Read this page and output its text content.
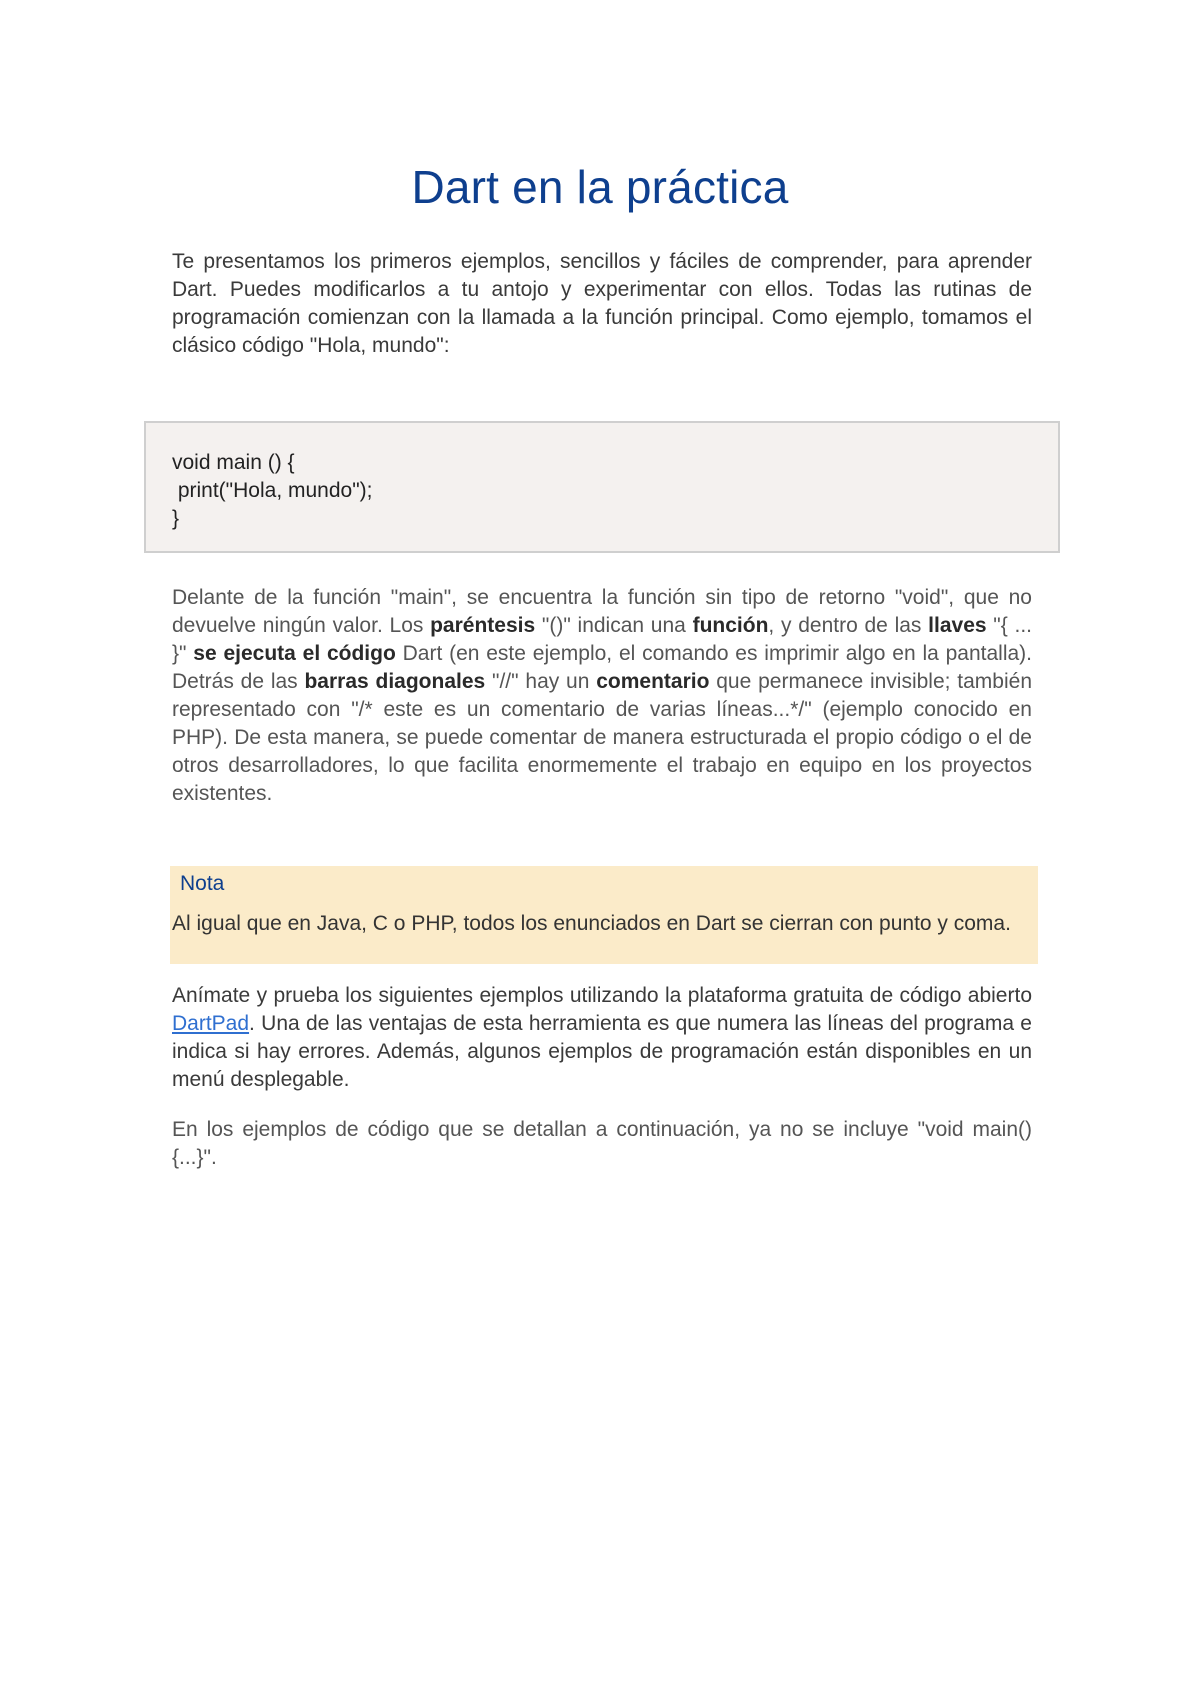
Dart en la práctica
Te presentamos los primeros ejemplos, sencillos y fáciles de comprender, para aprender Dart. Puedes modificarlos a tu antojo y experimentar con ellos. Todas las rutinas de programación comienzan con la llamada a la función principal. Como ejemplo, tomamos el clásico código "Hola, mundo":
void main () {
print("Hola, mundo");
}
Delante de la función "main", se encuentra la función sin tipo de retorno "void", que no devuelve ningún valor. Los paréntesis "()" indican una función, y dentro de las llaves "{ ... }" se ejecuta el código Dart (en este ejemplo, el comando es imprimir algo en la pantalla). Detrás de las barras diagonales "//" hay un comentario que permanece invisible; también representado con "/* este es un comentario de varias líneas...*/" (ejemplo conocido en PHP). De esta manera, se puede comentar de manera estructurada el propio código o el de otros desarrolladores, lo que facilita enormemente el trabajo en equipo en los proyectos existentes.
Nota
Al igual que en Java, C o PHP, todos los enunciados en Dart se cierran con punto y coma.
Anímate y prueba los siguientes ejemplos utilizando la plataforma gratuita de código abierto DartPad. Una de las ventajas de esta herramienta es que numera las líneas del programa e indica si hay errores. Además, algunos ejemplos de programación están disponibles en un menú desplegable.
En los ejemplos de código que se detallan a continuación, ya no se incluye "void main() {...}".
